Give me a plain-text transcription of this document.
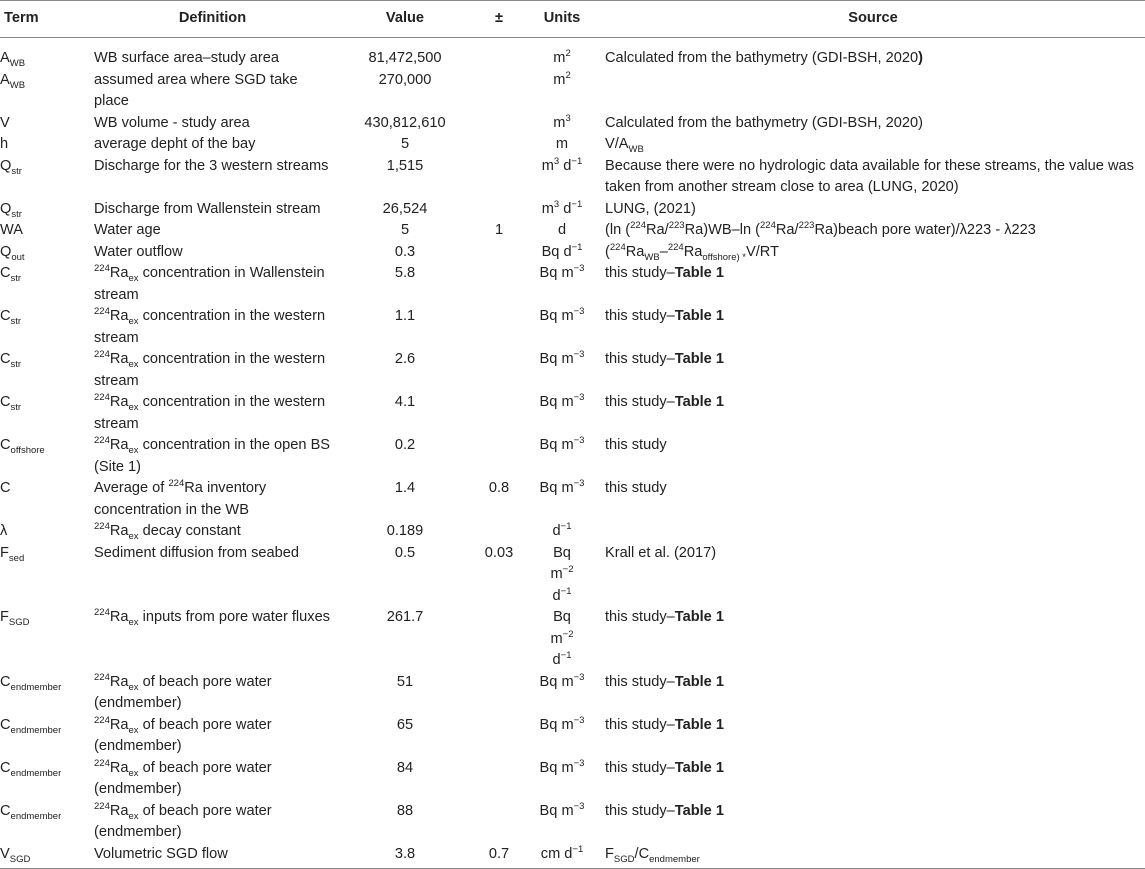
Term	Definition	Value	±	Units	Source
$A_{WB}$	WB surface area–study area	81,472,500		$m^2$	Calculated from the bathymetry (GDI-BSH, 2020)
$A_{WB}$	assumed area where SGD take place	270,000		$m^2$	
V	WB volume - study area	430,812,610		$m^3$	Calculated from the bathymetry (GDI-BSH, 2020)
h	average depht of the bay	5		m	$V/A_{WB}$
$Q_{str}$	Discharge for the 3 western streams	1,515		$m^3$ $d^{-1}$	Because there were no hydrologic data available for these streams, the value was taken from another stream close to area (LUNG, 2020)
$Q_{str}$	Discharge from Wallenstein stream	26,524		$m^3$ $d^{-1}$	LUNG, (2021)
WA	Water age	5	1	d	(ln ($^{224}$Ra/$^{223}$Ra)WB–ln ($^{224}$Ra/$^{223}$Ra)beach pore water)/λ223 - λ223
$Q_{out}$	Water outflow	0.3		Bq $d^{-1}$	($^{224}Ra_{WB}-^{224}Ra_{offshore) *}V/RT$
$C_{str}$	$^{224}Ra_{ex}$ concentration in Wallenstein stream	5.8		Bq $m^{-3}$	this study–Table 1
$C_{str}$	$^{224}Ra_{ex}$ concentration in the western stream	1.1		Bq $m^{-3}$	this study–Table 1
$C_{str}$	$^{224}Ra_{ex}$ concentration in the western stream	2.6		Bq $m^{-3}$	this study–Table 1
$C_{str}$	$^{224}Ra_{ex}$ concentration in the western stream	4.1		Bq $m^{-3}$	this study–Table 1
$C_{offshore}$	$^{224}Ra_{ex}$ concentration in the open BS (Site 1)	0.2		Bq $m^{-3}$	this study
C	Average of $^{224}$Ra inventory concentration in the WB	1.4	0.8	Bq $m^{-3}$	this study
λ	$^{224}Ra_{ex}$ decay constant	0.189		$d^{-1}$	
$F_{sed}$	Sediment diffusion from seabed	0.5	0.03	Bq $m^{-2}$ $d^{-1}$	Krall et al. (2017)
$F_{SGD}$	$^{224}Ra_{ex}$ inputs from pore water fluxes	261.7		Bq $m^{-2}$ $d^{-1}$	this study–Table 1
$C_{endmember}$	$^{224}Ra_{ex}$ of beach pore water (endmember)	51		Bq $m^{-3}$	this study–Table 1
$C_{endmember}$	$^{224}Ra_{ex}$ of beach pore water (endmember)	65		Bq $m^{-3}$	this study–Table 1
$C_{endmember}$	$^{224}Ra_{ex}$ of beach pore water (endmember)	84		Bq $m^{-3}$	this study–Table 1
$C_{endmember}$	$^{224}Ra_{ex}$ of beach pore water (endmember)	88		Bq $m^{-3}$	this study–Table 1
$V_{SGD}$	Volumetric SGD flow	3.8	0.7	cm $d^{-1}$	$F_{SGD}/C_{endmember}$
